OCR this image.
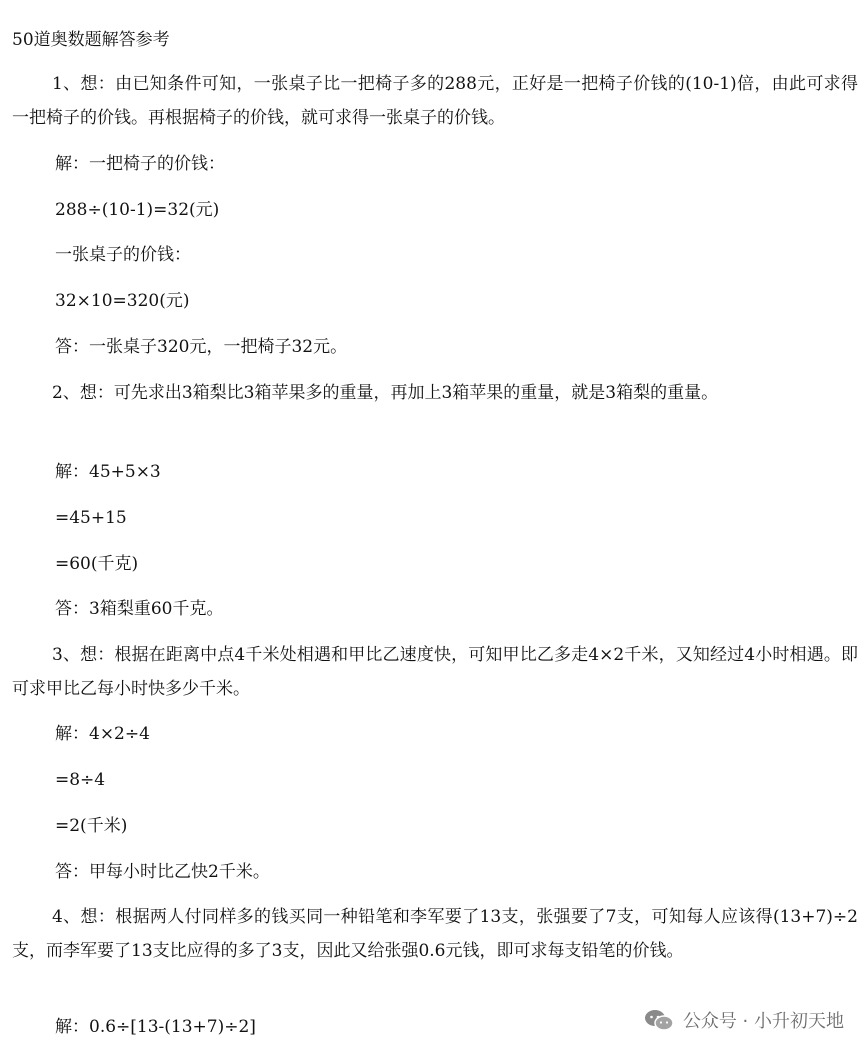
50道奥数题解答参考
1、想：由已知条件可知，一张桌子比一把椅子多的288元，正好是一把椅子价钱的(10-1)倍，由此可求得一把椅子的价钱。再根据椅子的价钱，就可求得一张桌子的价钱。
解：一把椅子的价钱：
288÷(10-1)=32(元)
一张桌子的价钱：
32×10=320(元)
答：一张桌子320元，一把椅子32元。
2、想：可先求出3箱梨比3箱苹果多的重量，再加上3箱苹果的重量，就是3箱梨的重量。
解：45+5×3
=45+15
=60(千克)
答：3箱梨重60千克。
3、想：根据在距离中点4千米处相遇和甲比乙速度快，可知甲比乙多走4×2千米，又知经过4小时相遇。即可求甲比乙每小时快多少千米。
解：4×2÷4
=8÷4
=2(千米)
答：甲每小时比乙快2千米。
4、想：根据两人付同样多的钱买同一种铅笔和李军要了13支，张强要了7支，可知每人应该得(13+7)÷2支，而李军要了13支比应得的多了3支，因此又给张强0.6元钱，即可求每支铅笔的价钱。
解：0.6÷[13-(13+7)÷2]	公众号 · 小升初天地
